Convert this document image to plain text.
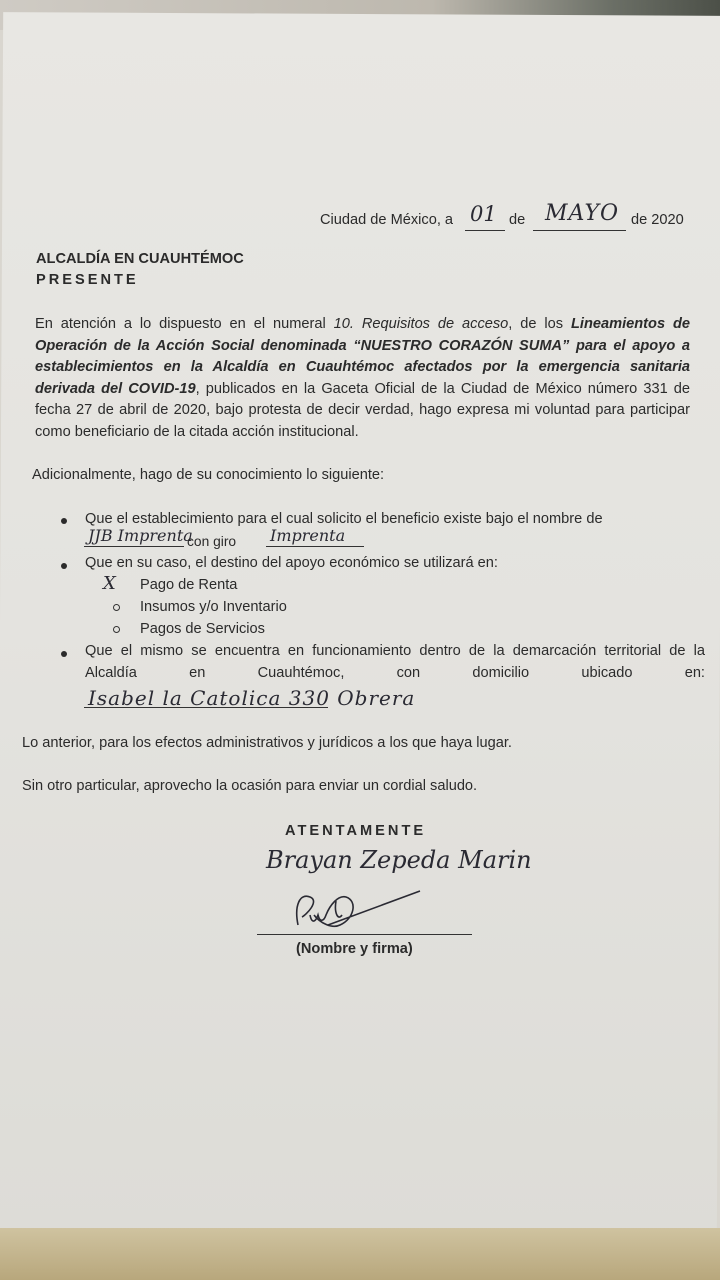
Ciudad de México, a 01 de MAYO de 2020
ALCALDÍA EN CUAUHTÉMOC
PRESENTE
En atención a lo dispuesto en el numeral 10. Requisitos de acceso, de los Lineamientos de Operación de la Acción Social denominada “NUESTRO CORAZÓN SUMA” para el apoyo a establecimientos en la Alcaldía en Cuauhtémoc afectados por la emergencia sanitaria derivada del COVID-19, publicados en la Gaceta Oficial de la Ciudad de México número 331 de fecha 27 de abril de 2020, bajo protesta de decir verdad, hago expresa mi voluntad para participar como beneficiario de la citada acción institucional.
Adicionalmente, hago de su conocimiento lo siguiente:
Que el establecimiento para el cual solicito el beneficio existe bajo el nombre de
JJB Imprenta
con giro Imprenta
Que en su caso, el destino del apoyo económico se utilizará en:
X Pago de Renta
Insumos y/o Inventario
Pagos de Servicios
Que el mismo se encuentra en funcionamiento dentro de la demarcación territorial de la Alcaldía en Cuauhtémoc, con domicilio ubicado en:
Isabel la Catolica 330 Obrera
Lo anterior, para los efectos administrativos y jurídicos a los que haya lugar.
Sin otro particular, aprovecho la ocasión para enviar un cordial saludo.
ATENTAMENTE
Brayan Zepeda Marin
(Nombre y firma)
